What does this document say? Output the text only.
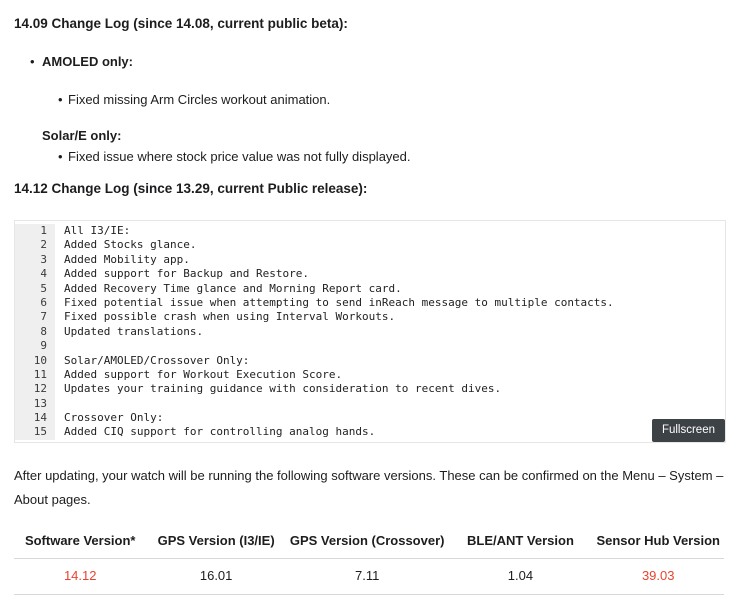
14.09 Change Log (since 14.08, current public beta):
•
AMOLED only:
•
Fixed missing Arm Circles workout animation.
Solar/E only:
•
Fixed issue where stock price value was not fully displayed.
14.12 Change Log (since 13.29, current Public release):
1	All I3/IE:
2	Added Stocks glance.
3	Added Mobility app.
4	Added support for Backup and Restore.
5	Added Recovery Time glance and Morning Report card.
6	Fixed potential issue when attempting to send inReach message to multiple contacts.
7	Fixed possible crash when using Interval Workouts.
8	Updated translations.
9
10	Solar/AMOLED/Crossover Only:
11	Added support for Workout Execution Score.
12	Updates your training guidance with consideration to recent dives.
13
14	Crossover Only:
15	Added CIQ support for controlling analog hands.	Fullscreen

After updating, your watch will be running the following software versions. These can be confirmed on the Menu – System – About pages.

Software Version*	GPS Version (I3/IE)	GPS Version (Crossover)	BLE/ANT Version	Sensor Hub Version
14.12	16.01	7.11	1.04	39.03
